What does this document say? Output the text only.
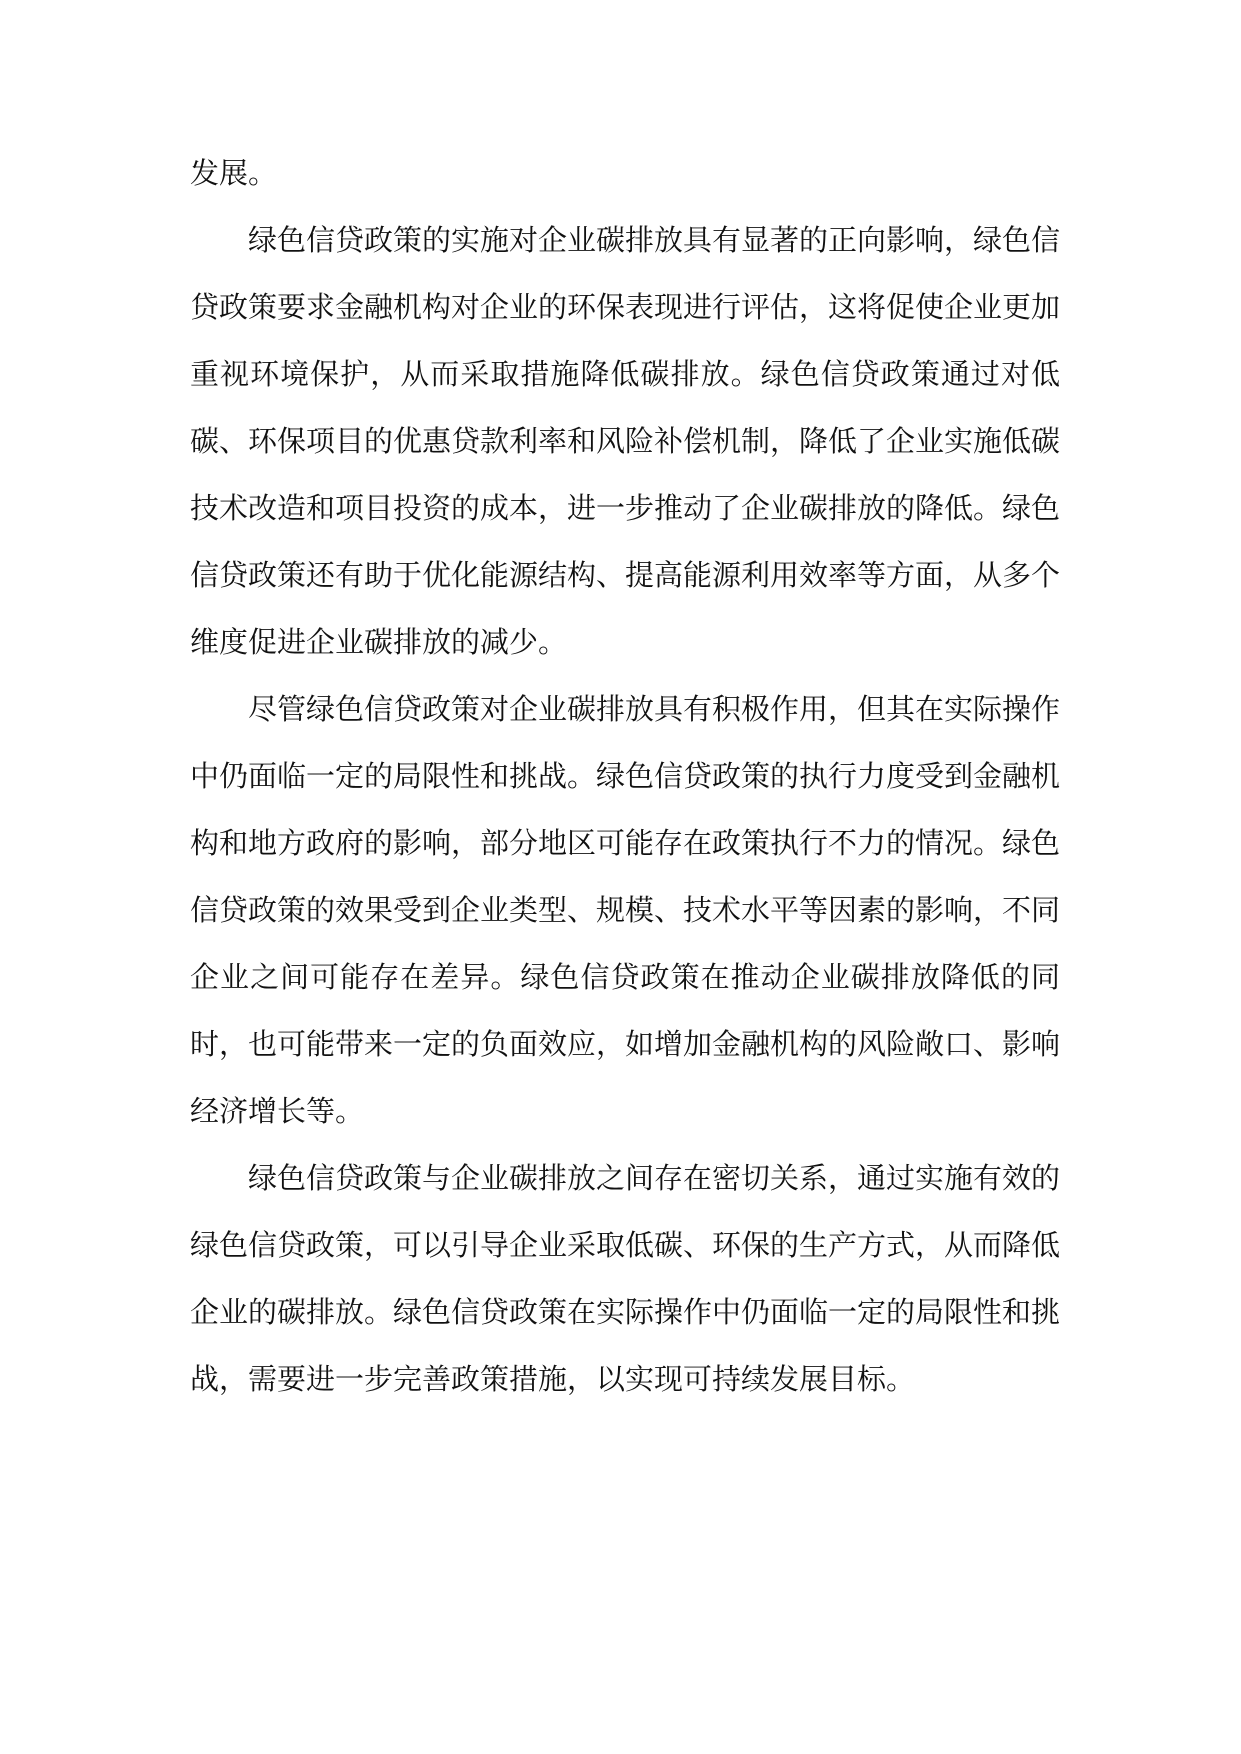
发展。

绿色信贷政策的实施对企业碳排放具有显著的正向影响，绿色信贷政策要求金融机构对企业的环保表现进行评估，这将促使企业更加重视环境保护，从而采取措施降低碳排放。绿色信贷政策通过对低碳、环保项目的优惠贷款利率和风险补偿机制，降低了企业实施低碳技术改造和项目投资的成本，进一步推动了企业碳排放的降低。绿色信贷政策还有助于优化能源结构、提高能源利用效率等方面，从多个维度促进企业碳排放的减少。

尽管绿色信贷政策对企业碳排放具有积极作用，但其在实际操作中仍面临一定的局限性和挑战。绿色信贷政策的执行力度受到金融机构和地方政府的影响，部分地区可能存在政策执行不力的情况。绿色信贷政策的效果受到企业类型、规模、技术水平等因素的影响，不同企业之间可能存在差异。绿色信贷政策在推动企业碳排放降低的同时，也可能带来一定的负面效应，如增加金融机构的风险敞口、影响经济增长等。

绿色信贷政策与企业碳排放之间存在密切关系，通过实施有效的绿色信贷政策，可以引导企业采取低碳、环保的生产方式，从而降低企业的碳排放。绿色信贷政策在实际操作中仍面临一定的局限性和挑战，需要进一步完善政策措施，以实现可持续发展目标。
